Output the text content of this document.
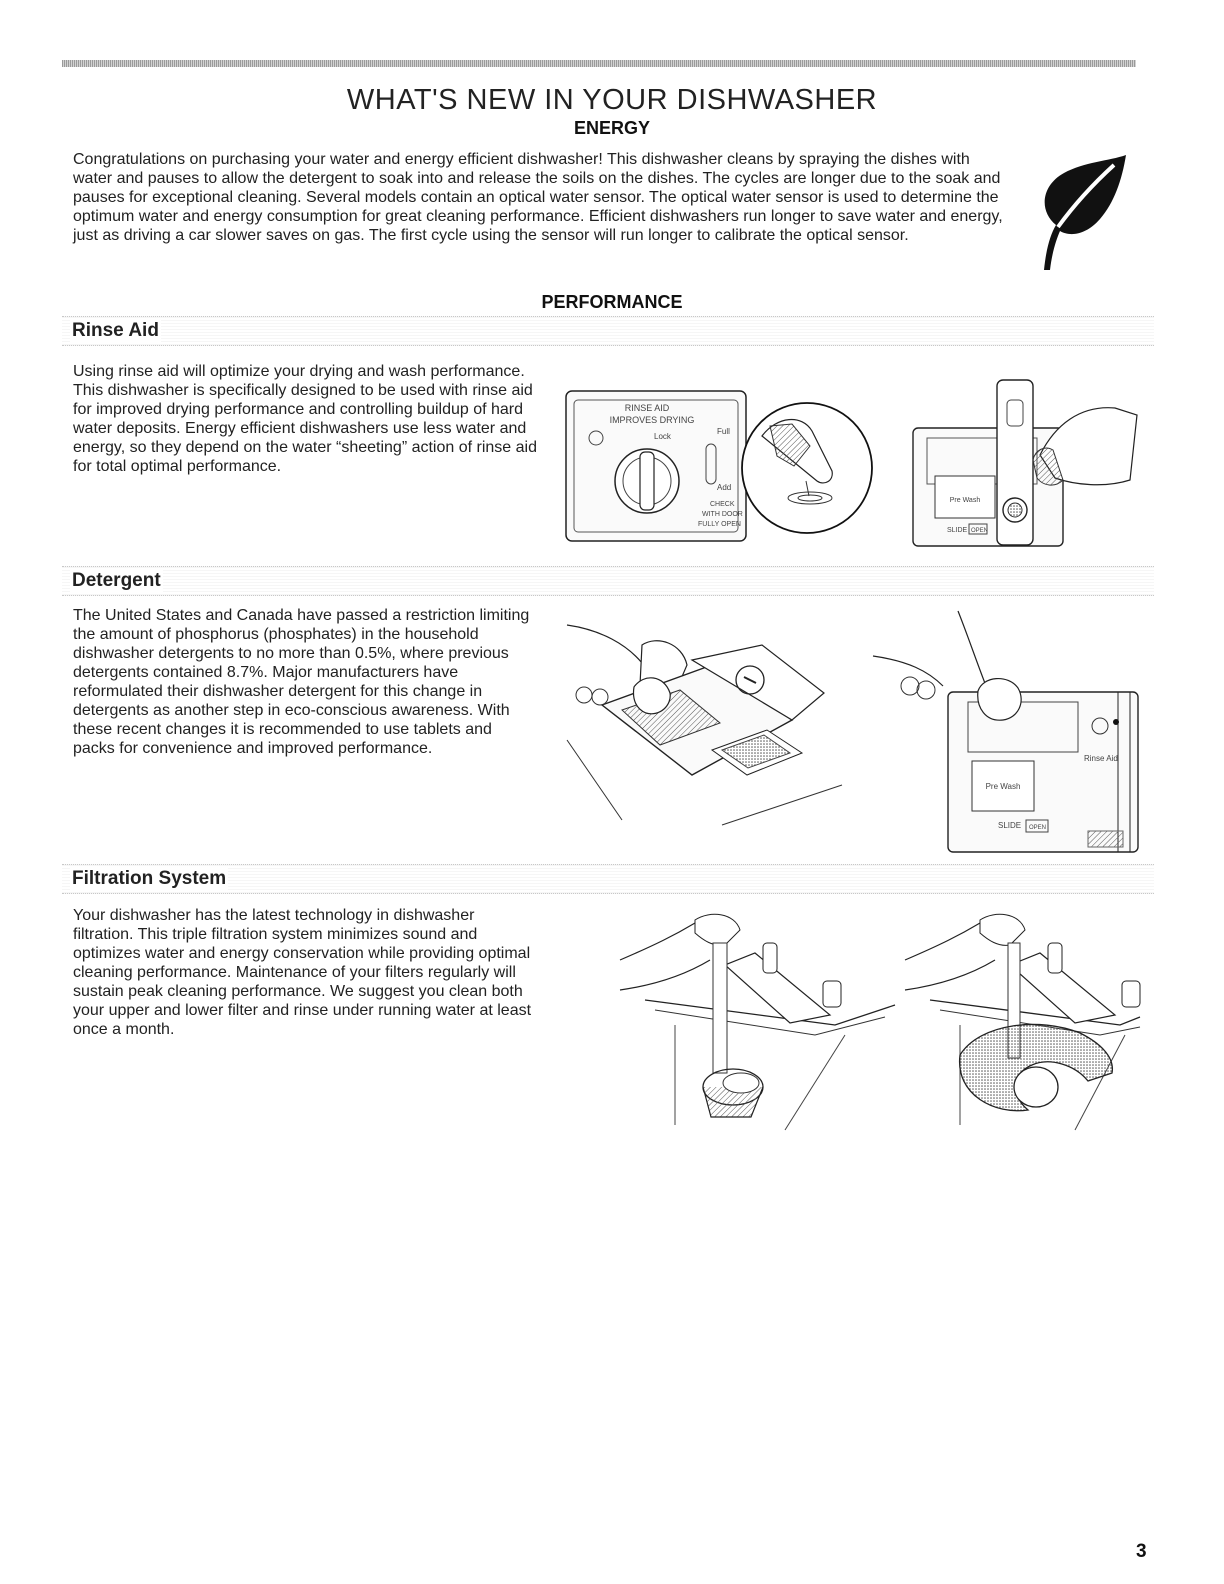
WHAT'S NEW IN YOUR DISHWASHER
ENERGY

Congratulations on purchasing your water and energy efficient dishwasher! This dishwasher cleans by spraying the dishes with water and pauses to allow the detergent to soak into and release the soils on the dishes. The cycles are longer due to the soak and pauses for exceptional cleaning. Several models contain an optical water sensor. The optical water sensor is used to determine the optimum water and energy consumption for great cleaning performance. Efficient dishwashers run longer to save water and energy, just as driving a car slower saves on gas. The first cycle using the sensor will run longer to calibrate the optical sensor.

PERFORMANCE
Rinse Aid

Using rinse aid will optimize your drying and wash performance. This dishwasher is specifically designed to be used with rinse aid for improved drying performance and controlling buildup of hard water deposits. Energy efficient dishwashers use less water and energy, so they depend on the water “sheeting” action of rinse aid for total optimal performance.

RINSE AID
IMPROVES DRYING
Lock
Full
Add
CHECK
WITH DOOR
FULLY OPEN
Pre Wash
SLIDE OPEN
Detergent

The United States and Canada have passed a restriction limiting the amount of phosphorus (phosphates) in the household dishwasher detergents to no more than 0.5%, where previous detergents contained 8.7%. Major manufacturers have reformulated their dishwasher detergent for this change in detergents as another step in eco-conscious awareness. With these recent changes it is recommended to use tablets and packs for convenience and improved performance.

Rinse Aid
Pre Wash
SLIDE OPEN
Filtration System

Your dishwasher has the latest technology in dishwasher filtration. This triple filtration system minimizes sound and optimizes water and energy conservation while providing optimal cleaning performance. Maintenance of your filters regularly will sustain peak cleaning performance. We suggest you clean both your upper and lower filter and rinse under running water at least once a month.

3
